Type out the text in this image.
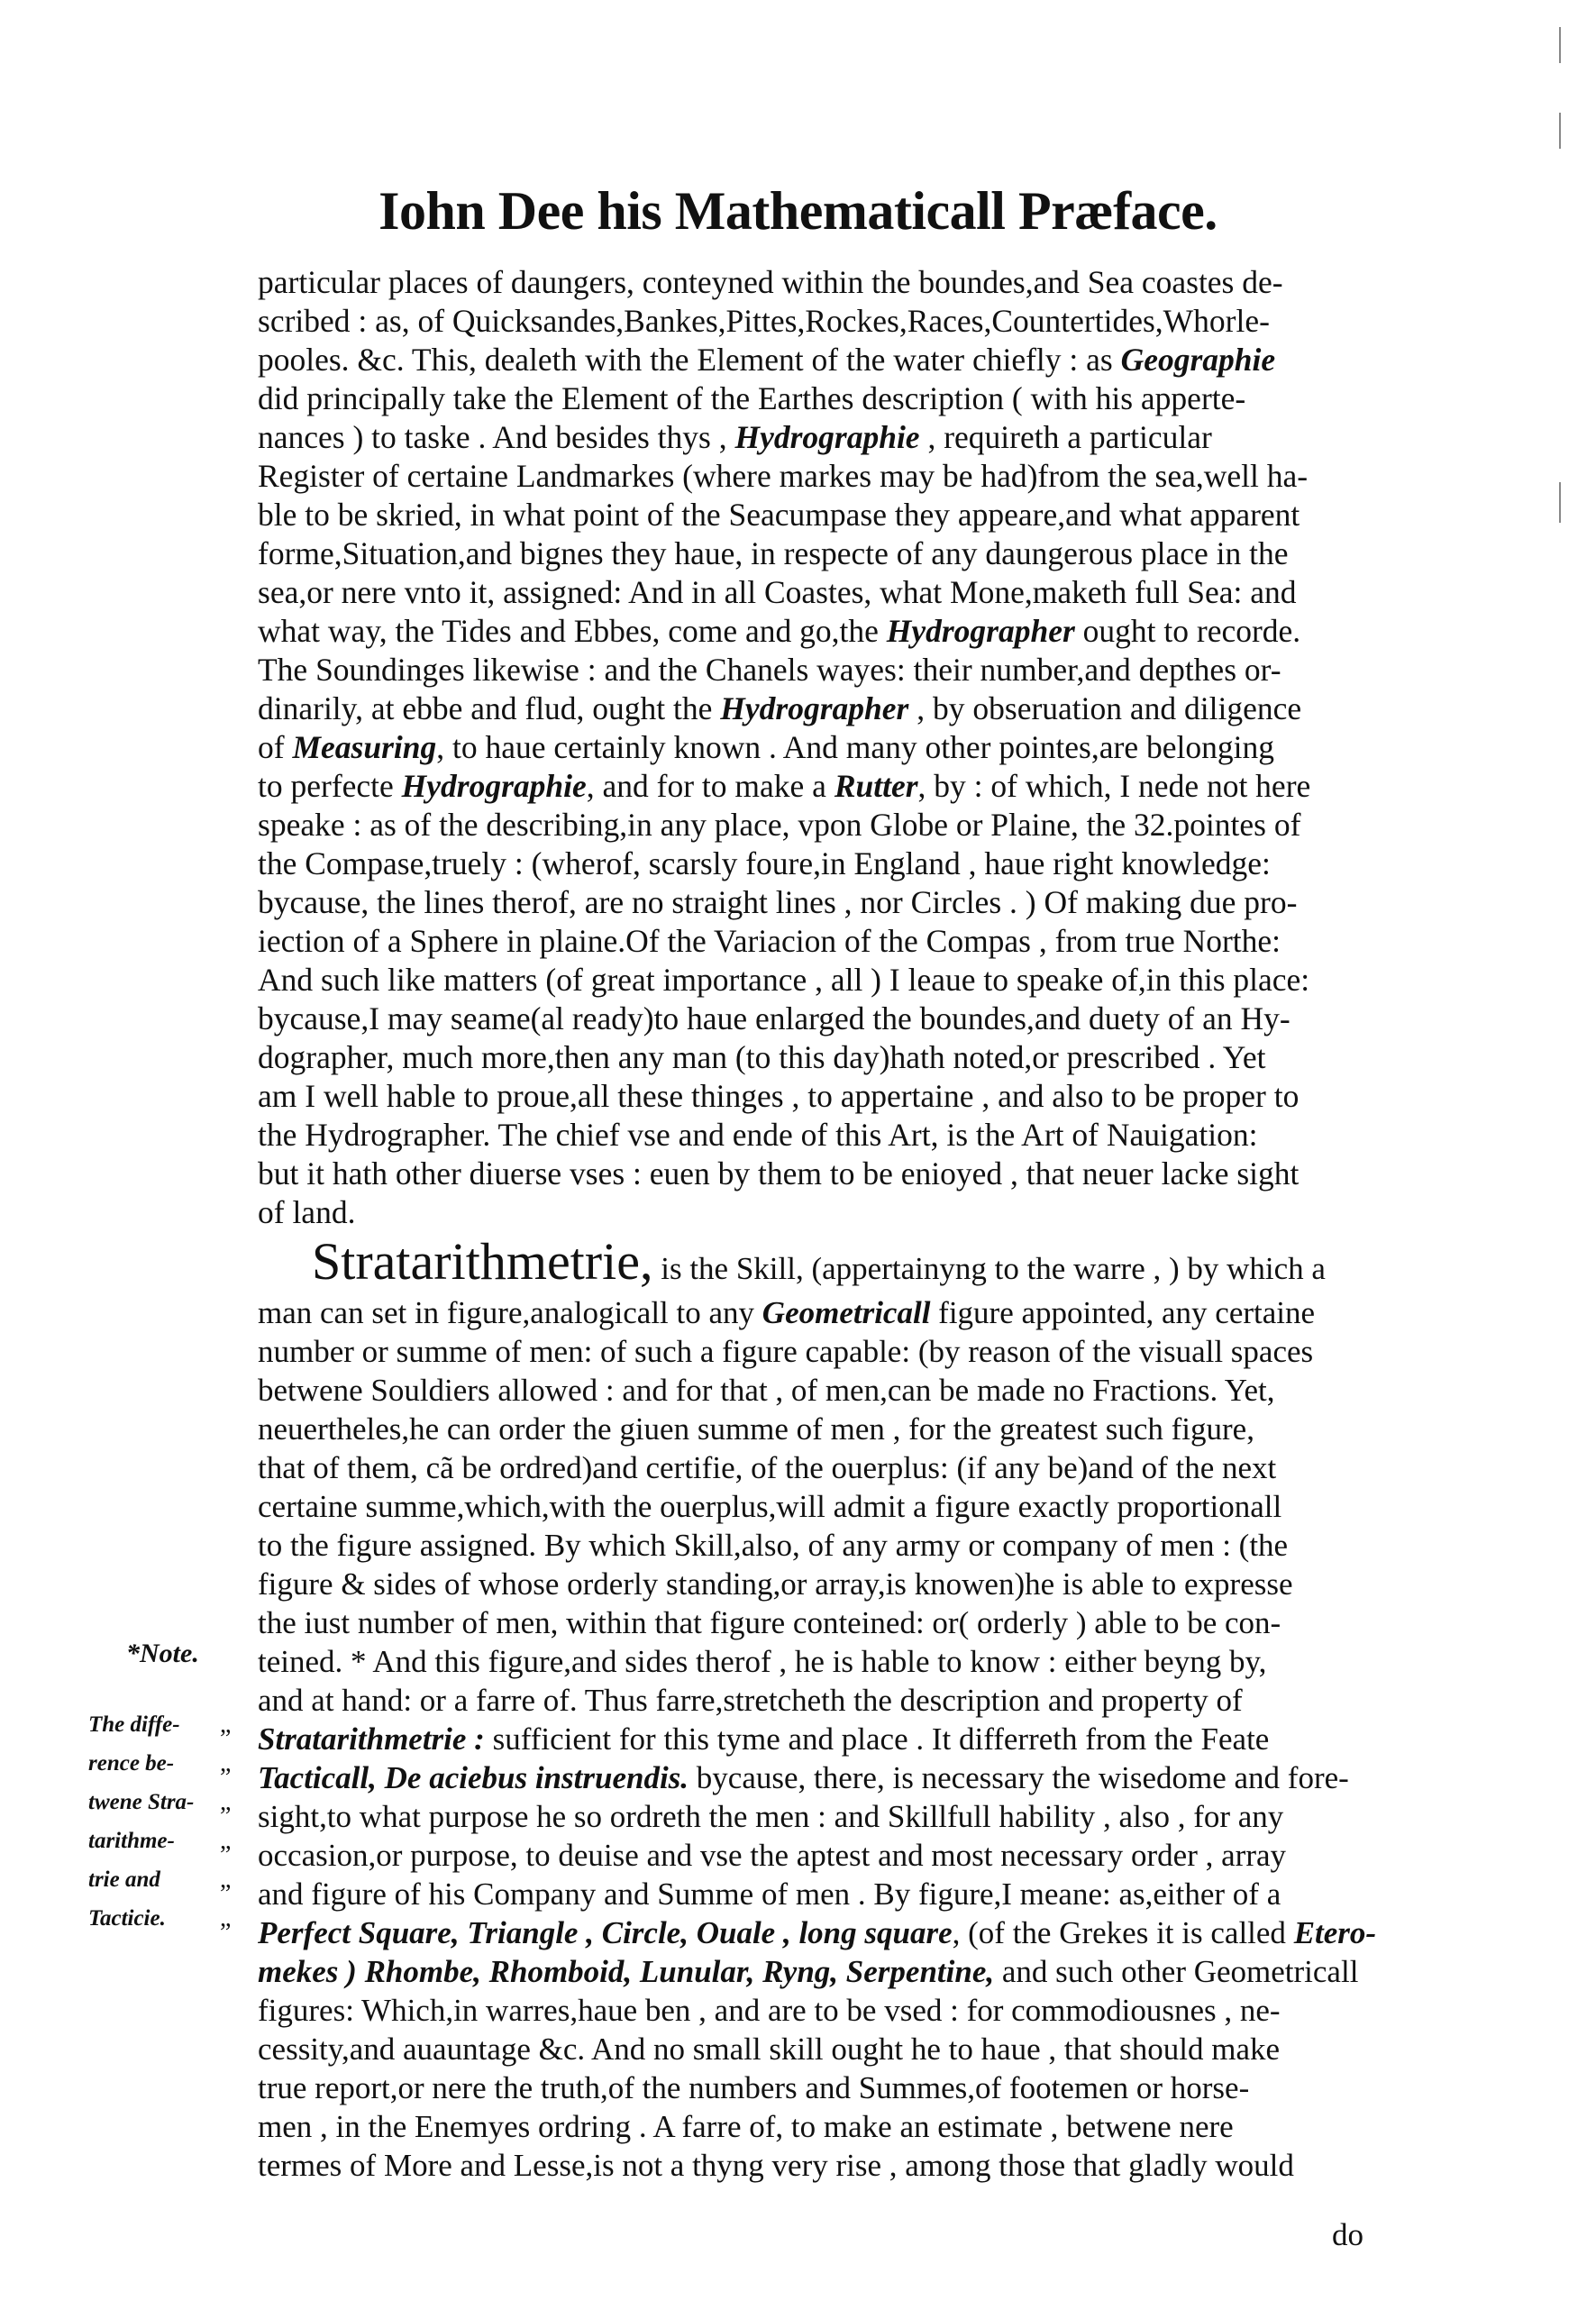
Iohn Dee his Mathematicall Præface.
particular places of daungers, conteyned within the boundes,and Sea coastes de-
scribed : as, of Quicksandes,Bankes,Pittes,Rockes,Races,Countertides,Whorle-
pooles. &c. This, dealeth with the Element of the water chiefly : as Geographie
did principally take the Element of the Earthes description ( with his apperte-
nances ) to taske . And besides thys , Hydrographie , requireth a particular
Register of certaine Landmarkes (where markes may be had)from the sea,well ha-
ble to be skried, in what point of the Seacumpase they appeare,and what apparent
forme,Situation,and bignes they haue, in respecte of any daungerous place in the
sea,or nere vnto it, assigned: And in all Coastes, what Mone,maketh full Sea: and
what way, the Tides and Ebbes, come and go,the Hydrographer ought to recorde.
The Soundinges likewise : and the Chanels wayes: their number,and depthes or-
dinarily, at ebbe and flud, ought the Hydrographer , by obseruation and diligence
of Measuring, to haue certainly known . And many other pointes,are belonging
to perfecte Hydrographie, and for to make a Rutter, by : of which, I nede not here
speake : as of the describing,in any place, vpon Globe or Plaine, the 32.pointes of
the Compase,truely : (wherof, scarsly foure,in England , haue right knowledge:
bycause, the lines therof, are no straight lines , nor Circles . ) Of making due pro-
iection of a Sphere in plaine.Of the Variacion of the Compas , from true Northe:
And such like matters (of great importance , all ) I leaue to speake of,in this place:
bycause,I may seame(al ready)to haue enlarged the boundes,and duety of an Hy-
dographer, much more,then any man (to this day)hath noted,or prescribed . Yet
am I well hable to proue,all these thinges , to appertaine , and also to be proper to
the Hydrographer. The chief vse and ende of this Art, is the Art of Nauigation:
but it hath other diuerse vses : euen by them to be enioyed , that neuer lacke sight
of land.
Stratarithmetrie, is the Skill, (appertainyng to the warre , ) by which a
man can set in figure,analogicall to any Geometricall figure appointed, any certaine
number or summe of men: of such a figure capable: (by reason of the visuall spaces
betwene Souldiers allowed : and for that , of men,can be made no Fractions. Yet,
neuertheles,he can order the giuen summe of men , for the greatest such figure,
that of them, cã be ordred)and certifie, of the ouerplus: (if any be)and of the next
certaine summe,which,with the ouerplus,will admit a figure exactly proportionall
to the figure assigned. By which Skill,also, of any army or company of men : (the
figure & sides of whose orderly standing,or array,is knowen)he is able to expresse
the iust number of men, within that figure conteined: or( orderly ) able to be con-
teined. * And this figure,and sides therof , he is hable to know : either beyng by,
and at hand: or a farre of. Thus farre,stretcheth the description and property of
Stratarithmetrie : sufficient for this tyme and place . It differreth from the Feate
Tacticall, De aciebus instruendis. bycause, there, is necessary the wisedome and fore-
sight,to what purpose he so ordreth the men : and Skillfull hability , also , for any
occasion,or purpose, to deuise and vse the aptest and most necessary order , array
and figure of his Company and Summe of men . By figure,I meane: as,either of a
Perfect Square, Triangle , Circle, Ouale , long square, (of the Grekes it is called Etero-
mekes ) Rhombe, Rhomboid, Lunular, Ryng, Serpentine, and such other Geometricall
figures: Which,in warres,haue ben , and are to be vsed : for commodiousnes , ne-
cessity,and auauntage &c. And no small skill ought he to haue , that should make
true report,or nere the truth,of the numbers and Summes,of footemen or horse-
men , in the Enemyes ordring . A farre of, to make an estimate , betwene nere
termes of More and Lesse,is not a thyng very rise , among those that gladly would
*Note.
The diffe-
rence be-
twene Stra-
tarithme-
trie and
Tacticie.
„
„
„
„
„
„
do
